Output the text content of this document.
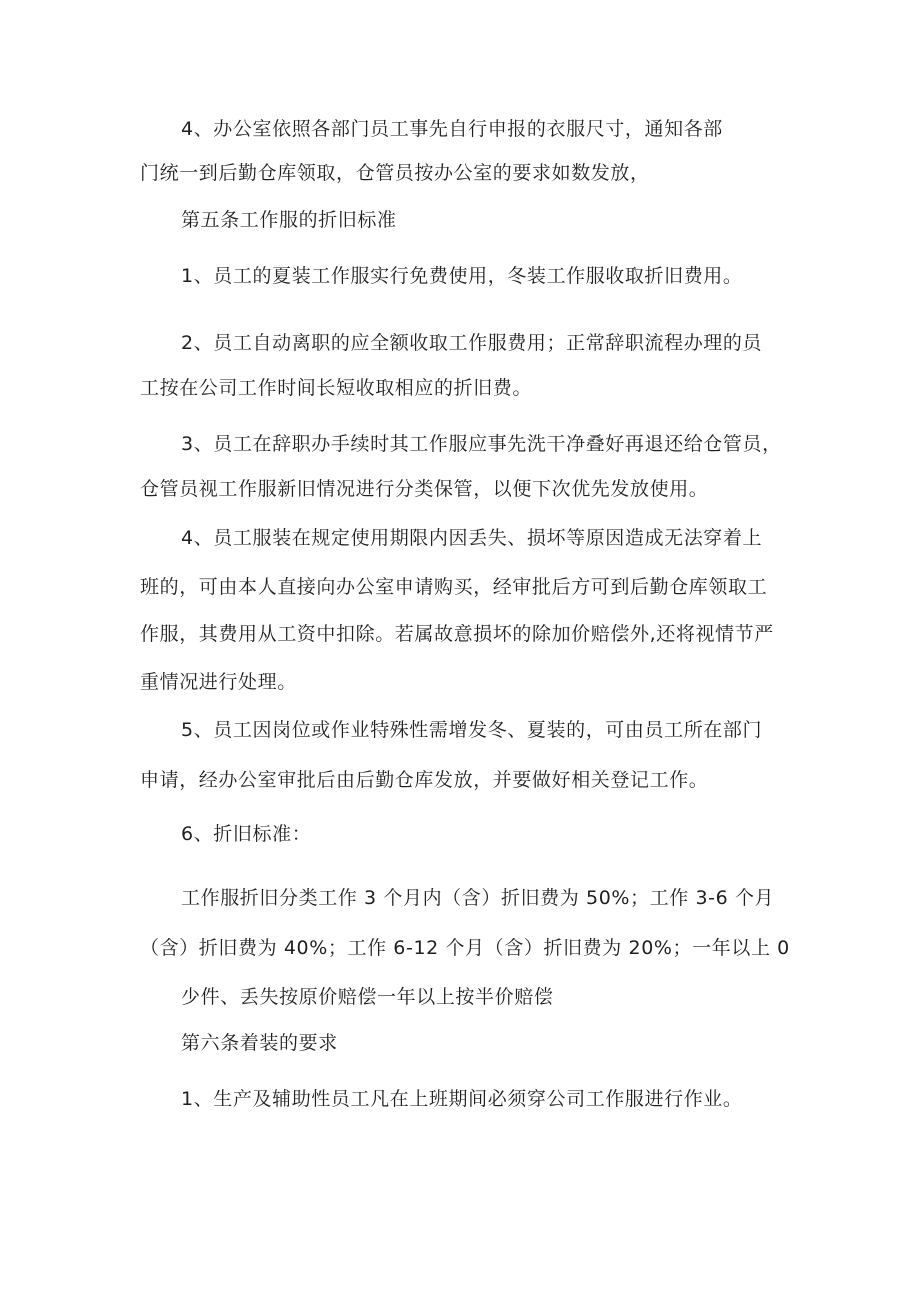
4、办公室依照各部门员工事先自行申报的衣服尺寸，通知各部

门统一到后勤仓库领取，仓管员按办公室的要求如数发放，

第五条工作服的折旧标准

1、员工的夏装工作服实行免费使用，冬装工作服收取折旧费用。

2、员工自动离职的应全额收取工作服费用；正常辞职流程办理的员

工按在公司工作时间长短收取相应的折旧费。

3、员工在辞职办手续时其工作服应事先洗干净叠好再退还给仓管员，

仓管员视工作服新旧情况进行分类保管，以便下次优先发放使用。

4、员工服装在规定使用期限内因丢失、损坏等原因造成无法穿着上

班的，可由本人直接向办公室申请购买，经审批后方可到后勤仓库领取工

作服，其费用从工资中扣除。若属故意损坏的除加价赔偿外,还将视情节严

重情况进行处理。

5、员工因岗位或作业特殊性需增发冬、夏装的，可由员工所在部门

申请，经办公室审批后由后勤仓库发放，并要做好相关登记工作。

6、折旧标准：

工作服折旧分类工作 3 个月内（含）折旧费为 50%；工作 3-6 个月

（含）折旧费为 40%；工作 6-12 个月（含）折旧费为 20%；一年以上 0

少件、丢失按原价赔偿一年以上按半价赔偿

第六条着装的要求

1、生产及辅助性员工凡在上班期间必须穿公司工作服进行作业。
